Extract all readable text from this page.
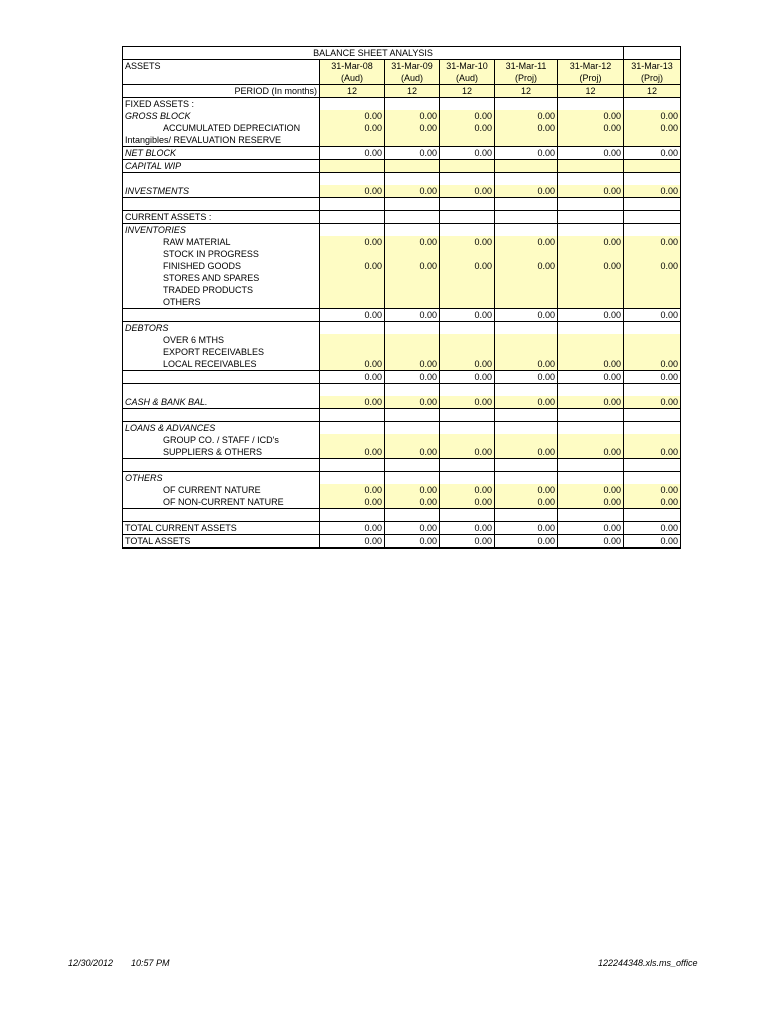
BALANCE SHEET ANALYSIS						
ASSETS	31-Mar-08	31-Mar-09	31-Mar-10	31-Mar-11	31-Mar-12	31-Mar-13
	(Aud)	(Aud)	(Aud)	(Proj)	(Proj)	(Proj)
PERIOD (In months)	12	12	12	12	12	12
FIXED ASSETS :						
GROSS BLOCK	0.00	0.00	0.00	0.00	0.00	0.00
ACCUMULATED DEPRECIATION	0.00	0.00	0.00	0.00	0.00	0.00
Intangibles/ REVALUATION RESERVE						
NET BLOCK	0.00	0.00	0.00	0.00	0.00	0.00
CAPITAL WIP						

INVESTMENTS	0.00	0.00	0.00	0.00	0.00	0.00

CURRENT ASSETS :						
INVENTORIES						
RAW MATERIAL	0.00	0.00	0.00	0.00	0.00	0.00
STOCK IN PROGRESS						
FINISHED GOODS	0.00	0.00	0.00	0.00	0.00	0.00
STORES AND SPARES						
TRADED PRODUCTS						
OTHERS						
	0.00	0.00	0.00	0.00	0.00	0.00
DEBTORS						
OVER 6 MTHS						
EXPORT RECEIVABLES						
LOCAL RECEIVABLES	0.00	0.00	0.00	0.00	0.00	0.00
	0.00	0.00	0.00	0.00	0.00	0.00

CASH & BANK BAL.	0.00	0.00	0.00	0.00	0.00	0.00

LOANS & ADVANCES						
GROUP CO. / STAFF / ICD's						
SUPPLIERS & OTHERS	0.00	0.00	0.00	0.00	0.00	0.00

OTHERS						
OF CURRENT NATURE	0.00	0.00	0.00	0.00	0.00	0.00
OF NON-CURRENT NATURE	0.00	0.00	0.00	0.00	0.00	0.00

TOTAL CURRENT ASSETS	0.00	0.00	0.00	0.00	0.00	0.00
TOTAL ASSETS	0.00	0.00	0.00	0.00	0.00	0.00
12/30/2012 10:57 PM	122244348.xls.ms_office
